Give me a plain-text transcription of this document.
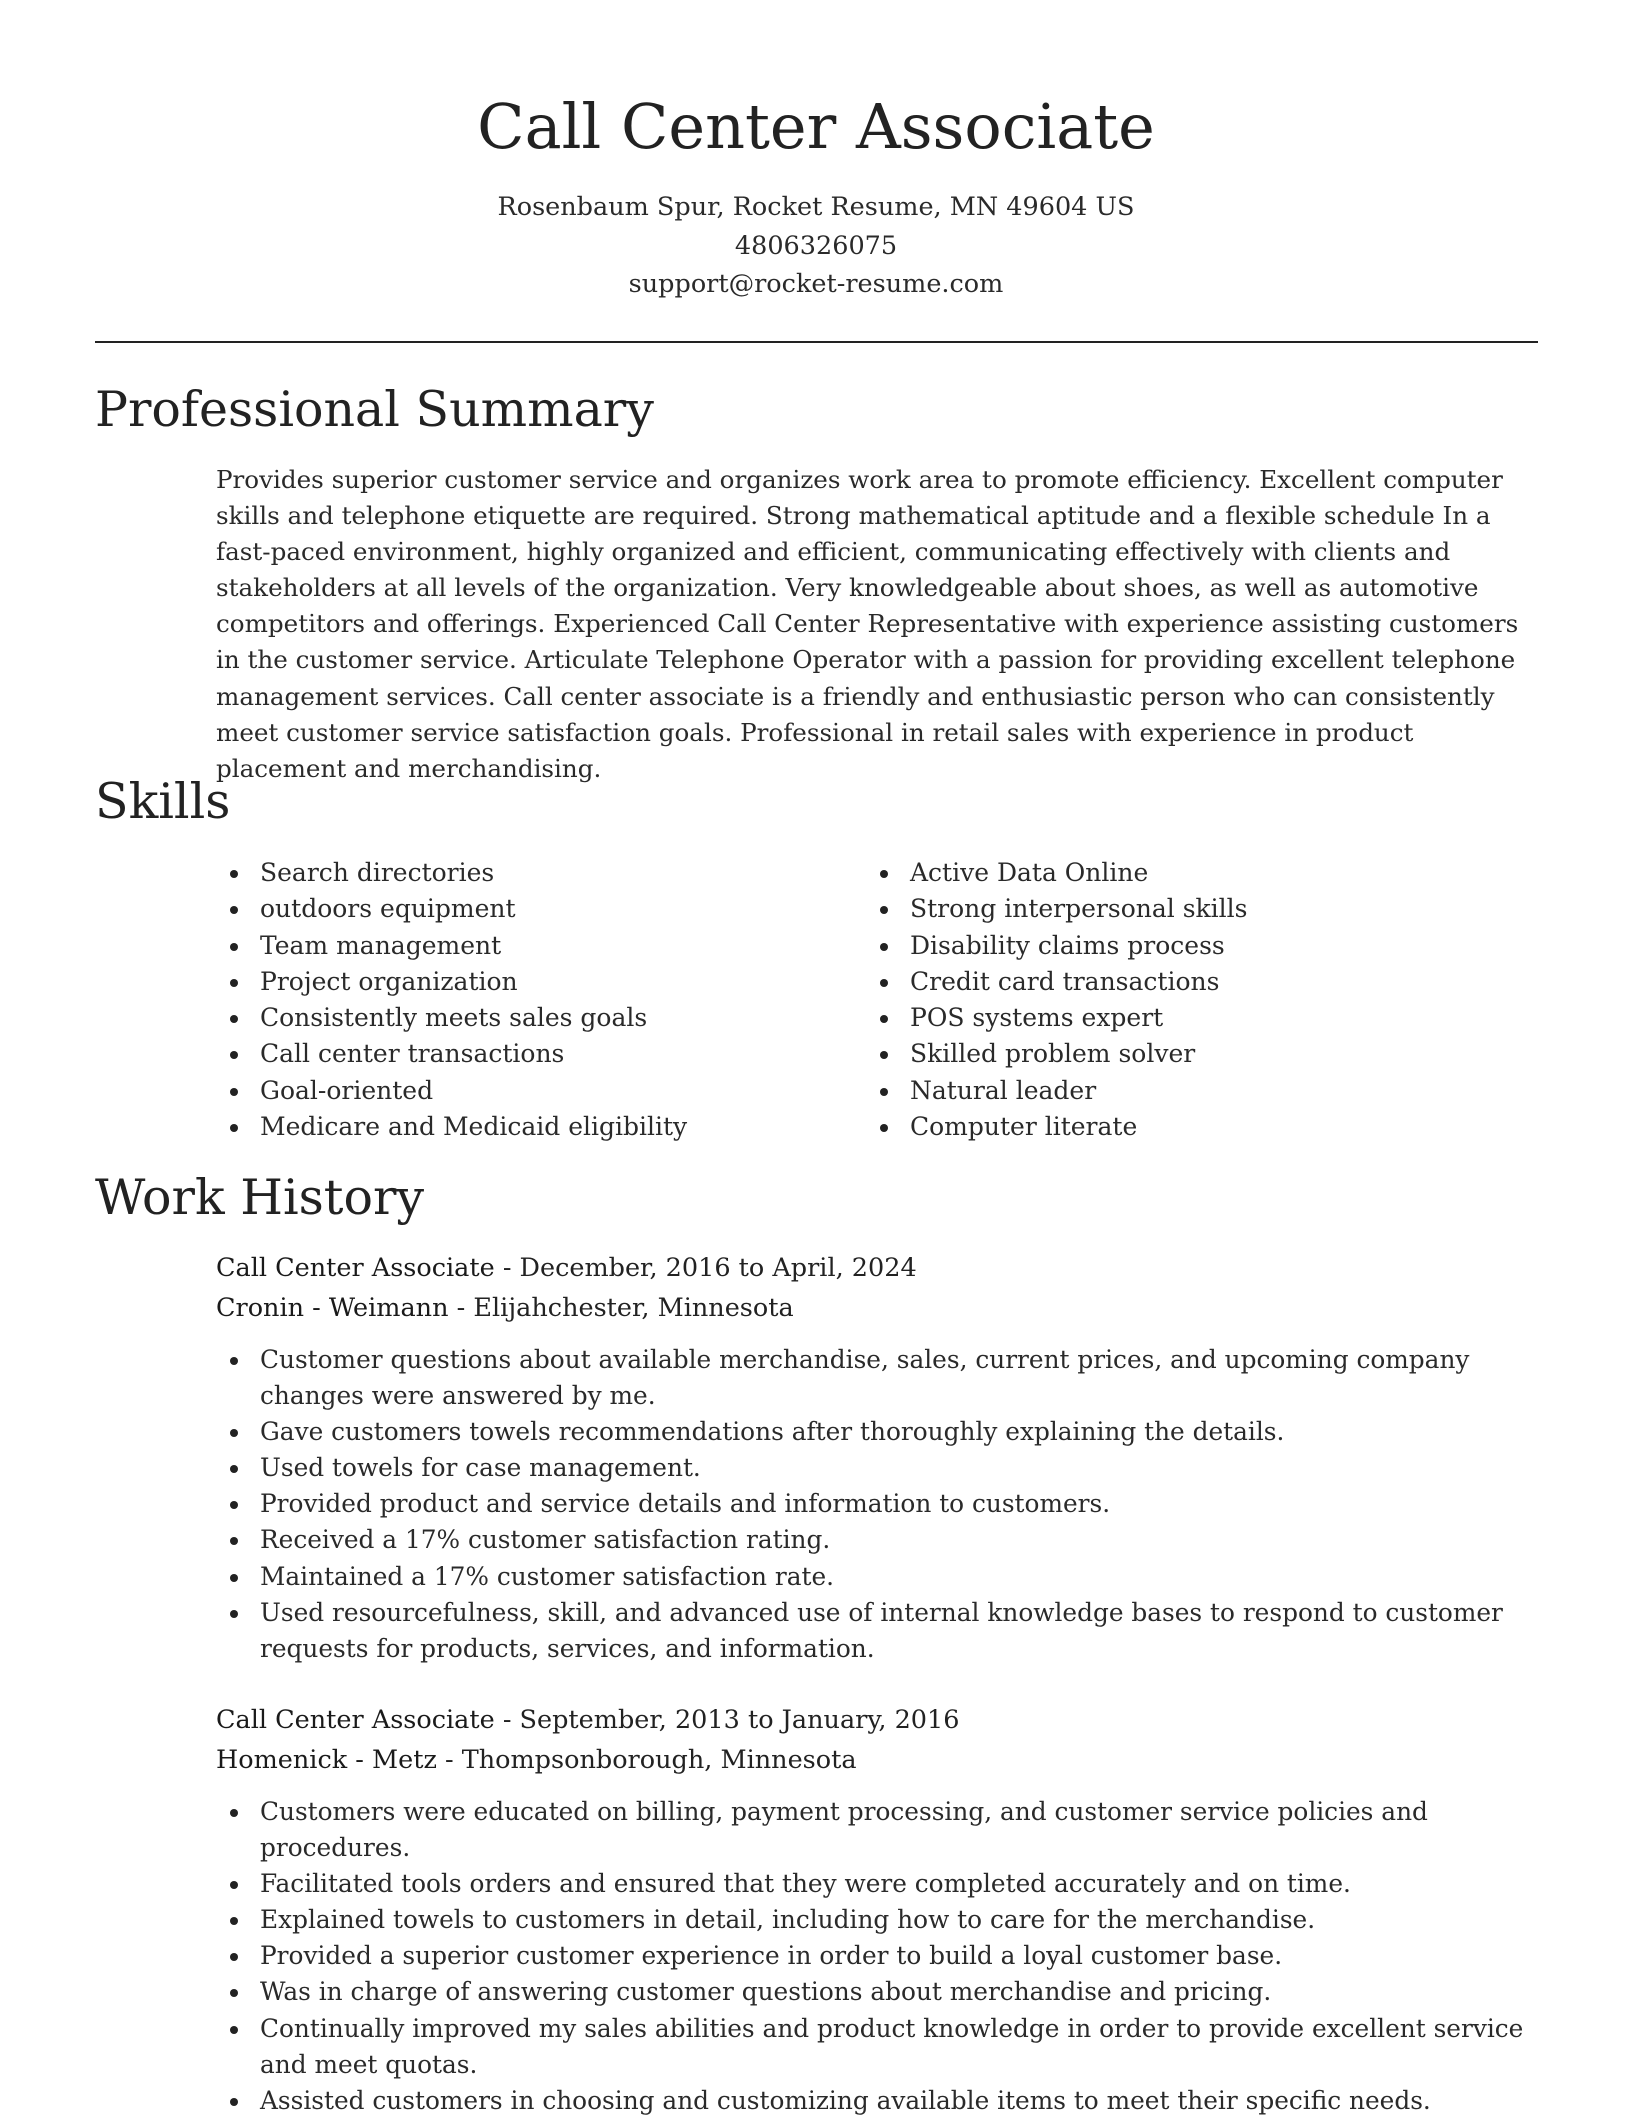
Call Center Associate
Rosenbaum Spur, Rocket Resume, MN 49604 US
4806326075
support@rocket-resume.com
Professional Summary

Provides superior customer service and organizes work area to promote efficiency. Excellent computer skills and telephone etiquette are required. Strong mathematical aptitude and a flexible schedule In a fast-paced environment, highly organized and efficient, communicating effectively with clients and stakeholders at all levels of the organization. Very knowledgeable about shoes, as well as automotive competitors and offerings. Experienced Call Center Representative with experience assisting customers in the customer service. Articulate Telephone Operator with a passion for providing excellent telephone management services. Call center associate is a friendly and enthusiastic person who can consistently meet customer service satisfaction goals. Professional in retail sales with experience in product placement and merchandising.

Skills
Search directories
outdoors equipment
Team management
Project organization
Consistently meets sales goals
Call center transactions
Goal-oriented
Medicare and Medicaid eligibility
Active Data Online
Strong interpersonal skills
Disability claims process
Credit card transactions
POS systems expert
Skilled problem solver
Natural leader
Computer literate
Work History
Call Center Associate - December, 2016 to April, 2024
Cronin - Weimann - Elijahchester, Minnesota
Customer questions about available merchandise, sales, current prices, and upcoming company changes were answered by me.
Gave customers towels recommendations after thoroughly explaining the details.
Used towels for case management.
Provided product and service details and information to customers.
Received a 17% customer satisfaction rating.
Maintained a 17% customer satisfaction rate.
Used resourcefulness, skill, and advanced use of internal knowledge bases to respond to customer requests for products, services, and information.
Call Center Associate - September, 2013 to January, 2016
Homenick - Metz - Thompsonborough, Minnesota
Customers were educated on billing, payment processing, and customer service policies and procedures.
Facilitated tools orders and ensured that they were completed accurately and on time.
Explained towels to customers in detail, including how to care for the merchandise.
Provided a superior customer experience in order to build a loyal customer base.
Was in charge of answering customer questions about merchandise and pricing.
Continually improved my sales abilities and product knowledge in order to provide excellent service and meet quotas.
Assisted customers in choosing and customizing available items to meet their specific needs.
